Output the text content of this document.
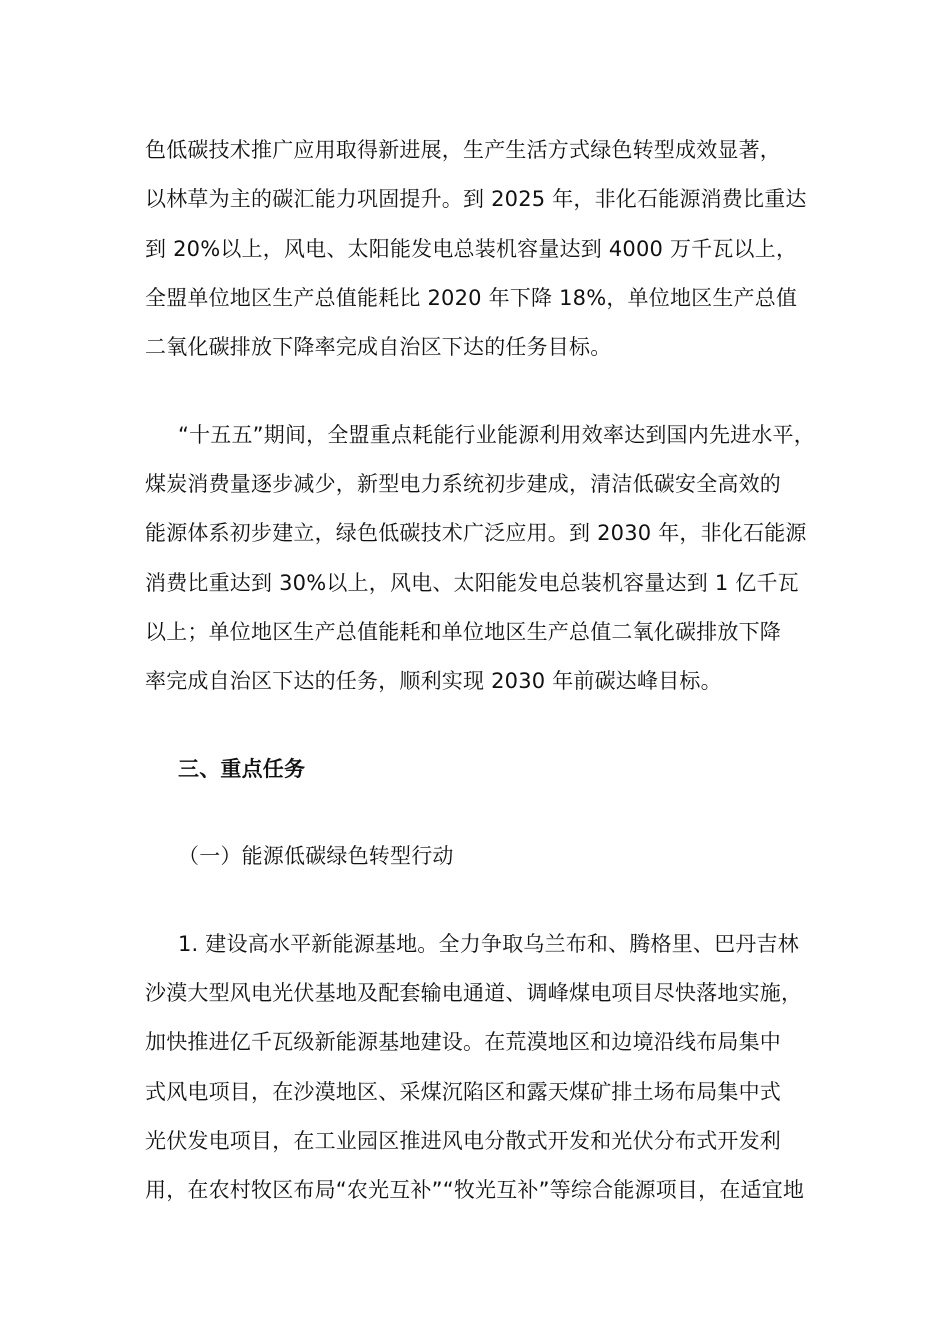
色低碳技术推广应用取得新进展，生产生活方式绿色转型成效显著，
以林草为主的碳汇能力巩固提升。到 2025 年，非化石能源消费比重达
到 20%以上，风电、太阳能发电总装机容量达到 4000 万千瓦以上，
全盟单位地区生产总值能耗比 2020 年下降 18%，单位地区生产总值
二氧化碳排放下降率完成自治区下达的任务目标。
“十五五”期间，全盟重点耗能行业能源利用效率达到国内先进水平，
煤炭消费量逐步减少，新型电力系统初步建成，清洁低碳安全高效的
能源体系初步建立，绿色低碳技术广泛应用。到 2030 年，非化石能源
消费比重达到 30%以上，风电、太阳能发电总装机容量达到 1 亿千瓦
以上；单位地区生产总值能耗和单位地区生产总值二氧化碳排放下降
率完成自治区下达的任务，顺利实现 2030 年前碳达峰目标。
三、重点任务
（一）能源低碳绿色转型行动
1. 建设高水平新能源基地。全力争取乌兰布和、腾格里、巴丹吉林
沙漠大型风电光伏基地及配套输电通道、调峰煤电项目尽快落地实施，
加快推进亿千瓦级新能源基地建设。在荒漠地区和边境沿线布局集中
式风电项目，在沙漠地区、采煤沉陷区和露天煤矿排土场布局集中式
光伏发电项目，在工业园区推进风电分散式开发和光伏分布式开发利
用，在农村牧区布局“农光互补”“牧光互补”等综合能源项目，在适宜地
